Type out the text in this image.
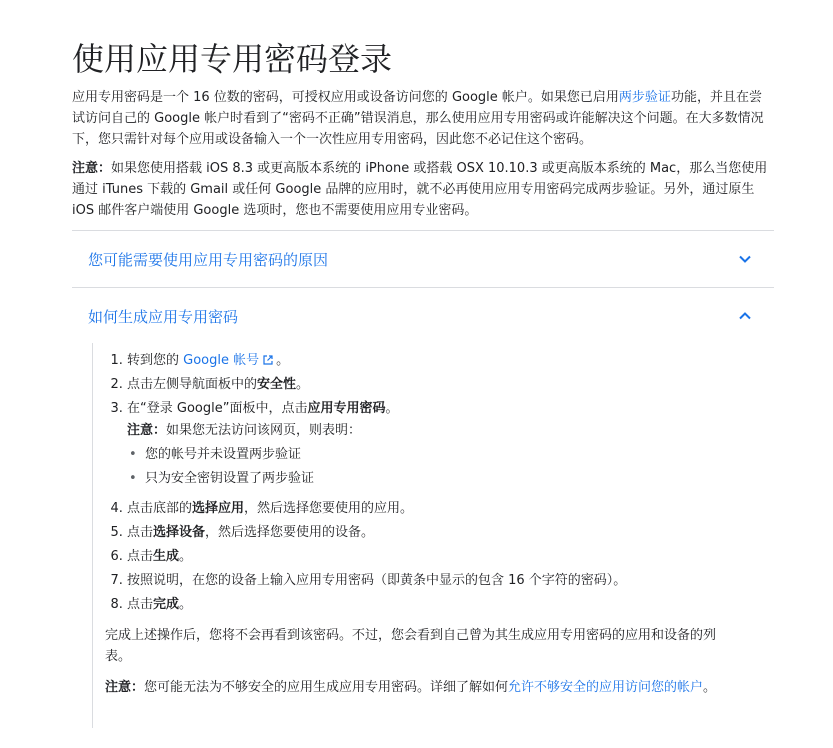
使用应用专用密码登录

应用专用密码是一个 16 位数的密码，可授权应用或设备访问您的 Google 帐户。如果您已启用两步验证功能，并且在尝试访问自己的 Google 帐户时看到了“密码不正确”错误消息，那么使用应用专用密码或许能解决这个问题。在大多数情况下，您只需针对每个应用或设备输入一个一次性应用专用密码，因此您不必记住这个密码。

注意：如果您使用搭载 iOS 8.3 或更高版本系统的 iPhone 或搭载 OSX 10.10.3 或更高版本系统的 Mac，那么当您使用通过 iTunes 下载的 Gmail 或任何 Google 品牌的应用时，就不必再使用应用专用密码完成两步验证。另外，通过原生 iOS 邮件客户端使用 Google 选项时，您也不需要使用应用专业密码。

您可能需要使用应用专用密码的原因
如何生成应用专用密码
1. 转到您的 Google 帐号 。
2. 点击左侧导航面板中的安全性。
3. 在“登录 Google”面板中，点击应用专用密码。

注意：如果您无法访问该网页，则表明：

• 您的帐号并未设置两步验证
• 只为安全密钥设置了两步验证
4. 点击底部的选择应用，然后选择您要使用的应用。
5. 点击选择设备，然后选择您要使用的设备。
6. 点击生成。
7. 按照说明，在您的设备上输入应用专用密码（即黄条中显示的包含 16 个字符的密码）。
8. 点击完成。

完成上述操作后，您将不会再看到该密码。不过，您会看到自己曾为其生成应用专用密码的应用和设备的列表。

注意：您可能无法为不够安全的应用生成应用专用密码。详细了解如何允许不够安全的应用访问您的帐户。
